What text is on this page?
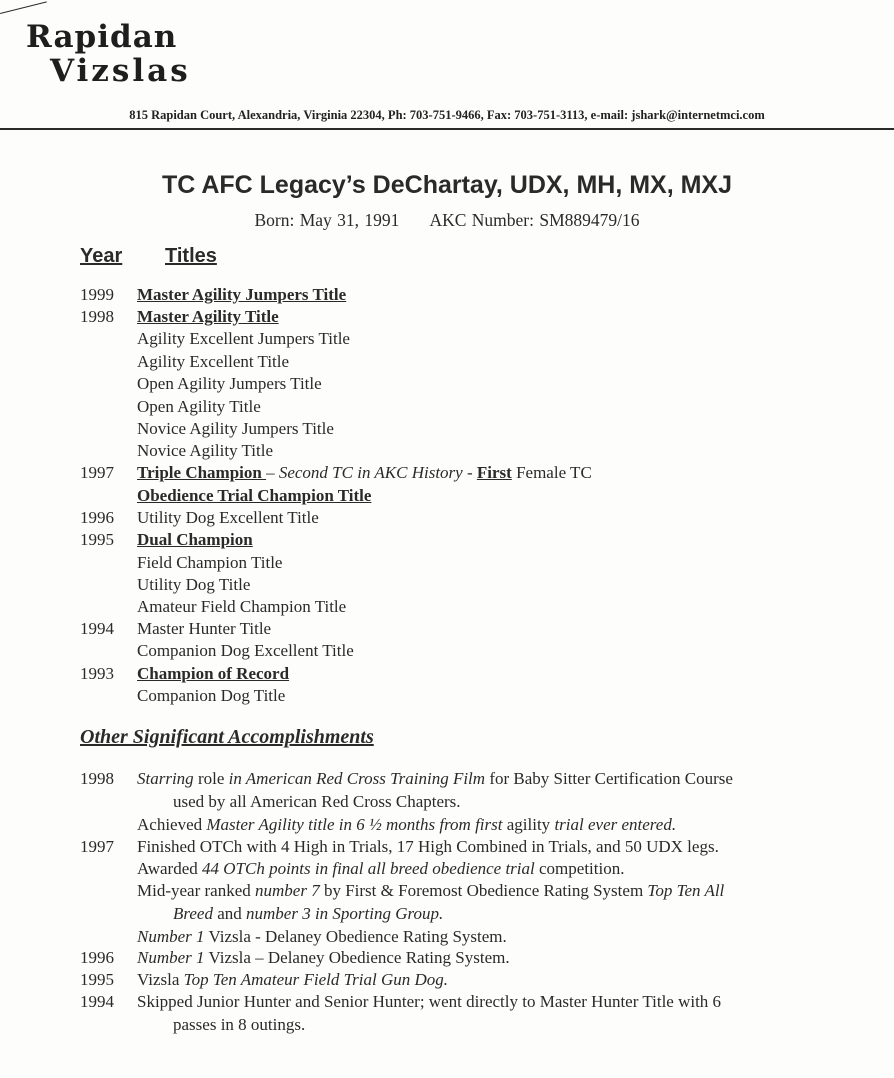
Rapidan
Vizslas
815 Rapidan Court, Alexandria, Virginia 22304, Ph: 703-751-9466, Fax: 703-751-3113, e-mail: jshark@internetmci.com
TC AFC Legacy’s DeChartay, UDX, MH, MX, MXJ
Born: May 31, 1991 AKC Number: SM889479/16
Year Titles
1999 Master Agility Jumpers Title
1998 Master Agility Title
Agility Excellent Jumpers Title
Agility Excellent Title
Open Agility Jumpers Title
Open Agility Title
Novice Agility Jumpers Title
Novice Agility Title
1997 Triple Champion – Second TC in AKC History - First Female TC
Obedience Trial Champion Title
1996 Utility Dog Excellent Title
1995 Dual Champion
Field Champion Title
Utility Dog Title
Amateur Field Champion Title
1994 Master Hunter Title
Companion Dog Excellent Title
1993 Champion of Record
Companion Dog Title
Other Significant Accomplishments
1998 Starring role in American Red Cross Training Film for Baby Sitter Certification Course
used by all American Red Cross Chapters.
Achieved Master Agility title in 6 ½ months from first agility trial ever entered.
1997 Finished OTCh with 4 High in Trials, 17 High Combined in Trials, and 50 UDX legs.
Awarded 44 OTCh points in final all breed obedience trial competition.
Mid-year ranked number 7 by First & Foremost Obedience Rating System Top Ten All
Breed and number 3 in Sporting Group.
Number 1 Vizsla - Delaney Obedience Rating System.
1996 Number 1 Vizsla – Delaney Obedience Rating System.
1995 Vizsla Top Ten Amateur Field Trial Gun Dog.
1994 Skipped Junior Hunter and Senior Hunter; went directly to Master Hunter Title with 6
passes in 8 outings.
